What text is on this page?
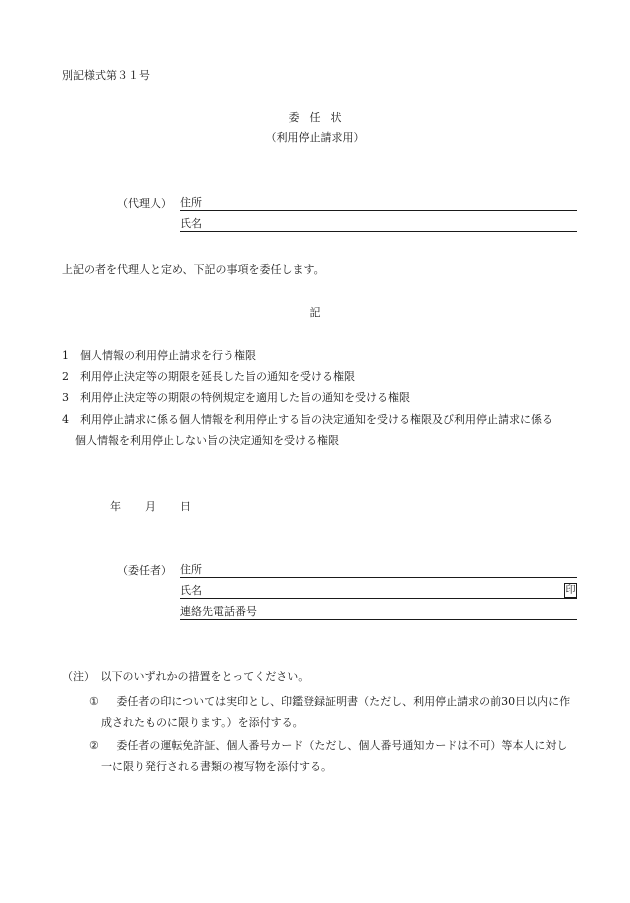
別記様式第３１号
委任状
（利用停止請求用）
（代理人） 住所
氏名
上記の者を代理人と定め、下記の事項を委任します。
記
1 個人情報の利用停止請求を行う権限
2 利用停止決定等の期限を延長した旨の通知を受ける権限
3 利用停止決定等の期限の特例規定を適用した旨の通知を受ける権限
4 利用停止請求に係る個人情報を利用停止する旨の決定通知を受ける権限及び利用停止請求に係る
個人情報を利用停止しない旨の決定通知を受ける権限
年 月 日
（委任者） 住所
氏名	印
連絡先電話番号
（注）　以下のいずれかの措置をとってください。
① 委任者の印については実印とし、印鑑登録証明書（ただし、利用停止請求の前30日以内に作
成されたものに限ります。）を添付する。
② 委任者の運転免許証、個人番号カード（ただし、個人番号通知カードは不可）等本人に対し
一に限り発行される書類の複写物を添付する。
